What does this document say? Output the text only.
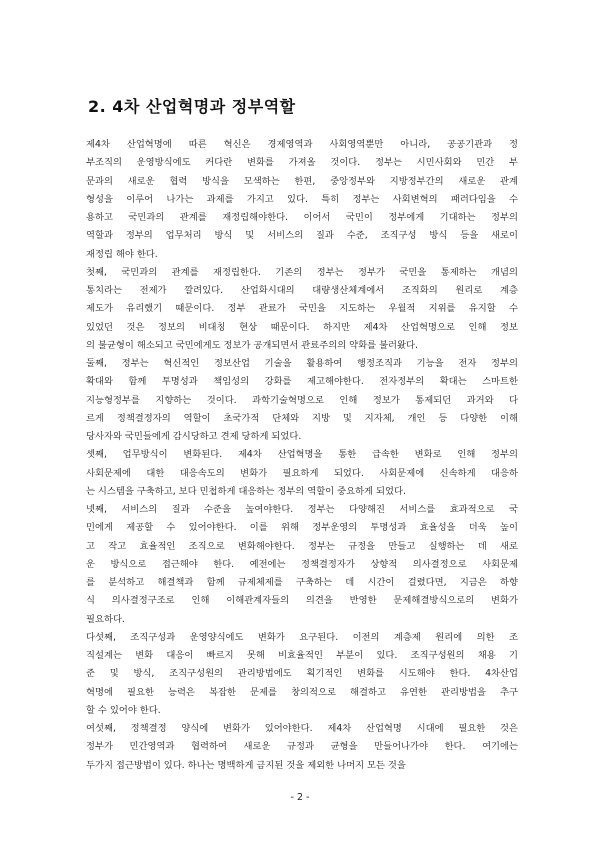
2. 4차 산업혁명과 정부역할
제4차 산업혁명에 따른 혁신은 경제영역과 사회영역뿐만 아니라, 공공기관과 정
부조직의 운영방식에도 커다란 변화를 가져올 것이다. 정부는 시민사회와 민간 부
문과의 새로운 협력 방식을 모색하는 한편, 중앙정부와 지방정부간의 새로운 관계
형성을 이루어 나가는 과제를 가지고 있다. 특히 정부는 사회변혁의 패러다임을 수
용하고 국민과의 관계를 재정립해야한다. 이어서 국민이 정부에게 기대하는 정부의
역할과 정부의 업무처리 방식 및 서비스의 질과 수준, 조직구성 방식 등을 새로이
재정립 해야 한다.
첫째, 국민과의 관계를 재정립한다. 기존의 정부는 정부가 국민을 통제하는 개념의
통치라는 전제가 깔려있다. 산업화시대의 대량생산체계에서 조직화의 원리로 계층
제도가 유리했기 때문이다. 정부 관료가 국민을 지도하는 우월적 지위를 유지할 수
있었던 것은 정보의 비대칭 현상 때문이다. 하지만 제4차 산업혁명으로 인해 정보
의 불균형이 해소되고 국민에게도 정보가 공개되면서 관료주의의 약화를 불러왔다.
둘째, 정부는 혁신적인 정보산업 기술을 활용하여 행정조직과 기능을 전자 정부의
확대와 함께 투명성과 책임성의 강화를 제고해야한다. 전자정부의 확대는 스마트한
지능형정부를 지향하는 것이다. 과학기술혁명으로 인해 정보가 통제되던 과거와 다
르게 정책결정자의 역할이 초국가적 단체와 지방 및 지자체, 개인 등 다양한 이해
당사자와 국민들에게 감시당하고 견제 당하게 되었다.
셋째, 업무방식이 변화된다. 제4차 산업혁명을 통한 급속한 변화로 인해 정부의
사회문제에 대한 대응속도의 변화가 필요하게 되었다. 사회문제에 신속하게 대응하
는 시스템을 구축하고, 보다 민첩하게 대응하는 정부의 역할이 중요하게 되었다.
넷째, 서비스의 질과 수준을 높여야한다. 정부는 다양해진 서비스를 효과적으로 국
민에게 제공할 수 있어야한다. 이를 위해 정부운영의 투명성과 효율성을 더욱 높이
고 작고 효율적인 조직으로 변화해야한다. 정부는 규정을 만들고 실행하는 데 새로
운 방식으로 접근해야 한다. 예전에는 정책결정자가 상향적 의사결정으로 사회문제
를 분석하고 해결책과 함께 규제체제를 구축하는 데 시간이 걸렸다면, 지금은 하향
식 의사결정구조로 인해 이해관계자들의 의견을 반영한 문제해결방식으로의 변화가
필요하다.
다섯째, 조직구성과 운영양식에도 변화가 요구된다. 이전의 계층제 원리에 의한 조
직설계는 변화 대응이 빠르지 못해 비효율적인 부분이 있다. 조직구성원의 채용 기
준 및 방식, 조직구성원의 관리방법에도 획기적인 변화를 시도해야 한다. 4차산업
혁명에 필요한 능력은 복잡한 문제를 창의적으로 해결하고 유연한 관리방법을 추구
할 수 있어야 한다.
여섯째, 정책결정 양식에 변화가 있어야한다. 제4차 산업혁명 시대에 필요한 것은
정부가 민간영역과 협력하여 새로운 규정과 균형을 만들어나가야 한다. 여기에는
두가지 접근방법이 있다. 하나는 명백하게 금지된 것을 제외한 나머지 모든 것을
- 2 -
